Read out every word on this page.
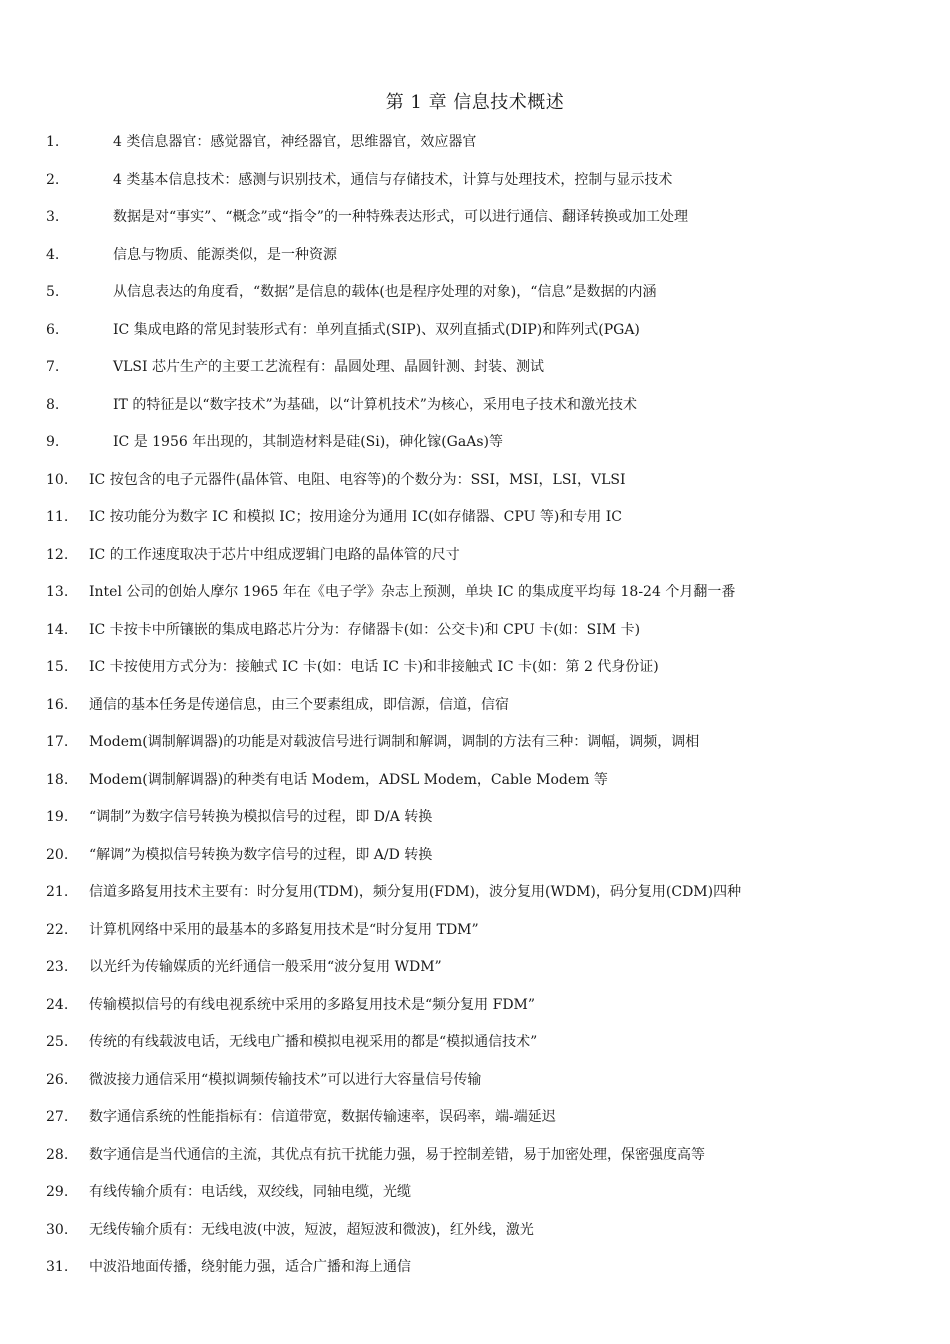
第 1 章 信息技术概述
1.	4 类信息器官：感觉器官，神经器官，思维器官，效应器官
2.	4 类基本信息技术：感测与识别技术，通信与存储技术，计算与处理技术，控制与显示技术
3.	数据是对“事实”、“概念”或“指令”的一种特殊表达形式，可以进行通信、翻译转换或加工处理
4.	信息与物质、能源类似，是一种资源
5.	从信息表达的角度看，“数据”是信息的载体(也是程序处理的对象)，“信息”是数据的内涵
6.	IC 集成电路的常见封装形式有：单列直插式(SIP)、双列直插式(DIP)和阵列式(PGA)
7.	VLSI 芯片生产的主要工艺流程有：晶圆处理、晶圆针测、封装、测试
8.	IT 的特征是以“数字技术”为基础，以“计算机技术”为核心，采用电子技术和激光技术
9.	IC 是 1956 年出现的，其制造材料是硅(Si)，砷化镓(GaAs)等
10. IC 按包含的电子元器件(晶体管、电阻、电容等)的个数分为：SSI，MSI，LSI，VLSI
11. IC 按功能分为数字 IC 和模拟 IC；按用途分为通用 IC(如存储器、CPU 等)和专用 IC
12. IC 的工作速度取决于芯片中组成逻辑门电路的晶体管的尺寸
13. Intel 公司的创始人摩尔 1965 年在《电子学》杂志上预测，单块 IC 的集成度平均每 18-24 个月翻一番
14. IC 卡按卡中所镶嵌的集成电路芯片分为：存储器卡(如：公交卡)和 CPU 卡(如：SIM 卡)
15. IC 卡按使用方式分为：接触式 IC 卡(如：电话 IC 卡)和非接触式 IC 卡(如：第 2 代身份证)
16. 通信的基本任务是传递信息，由三个要素组成，即信源，信道，信宿
17. Modem(调制解调器)的功能是对载波信号进行调制和解调，调制的方法有三种：调幅，调频，调相
18. Modem(调制解调器)的种类有电话 Modem，ADSL Modem，Cable Modem 等
19. “调制”为数字信号转换为模拟信号的过程，即 D/A 转换
20. “解调”为模拟信号转换为数字信号的过程，即 A/D 转换
21. 信道多路复用技术主要有：时分复用(TDM)，频分复用(FDM)，波分复用(WDM)，码分复用(CDM)四种
22. 计算机网络中采用的最基本的多路复用技术是“时分复用 TDM”
23. 以光纤为传输媒质的光纤通信一般采用“波分复用 WDM”
24. 传输模拟信号的有线电视系统中采用的多路复用技术是“频分复用 FDM”
25. 传统的有线载波电话，无线电广播和模拟电视采用的都是“模拟通信技术”
26. 微波接力通信采用“模拟调频传输技术”可以进行大容量信号传输
27. 数字通信系统的性能指标有：信道带宽，数据传输速率，误码率，端-端延迟
28. 数字通信是当代通信的主流，其优点有抗干扰能力强，易于控制差错，易于加密处理，保密强度高等
29. 有线传输介质有：电话线，双绞线，同轴电缆，光缆
30. 无线传输介质有：无线电波(中波，短波，超短波和微波)，红外线，激光
31. 中波沿地面传播，绕射能力强，适合广播和海上通信
